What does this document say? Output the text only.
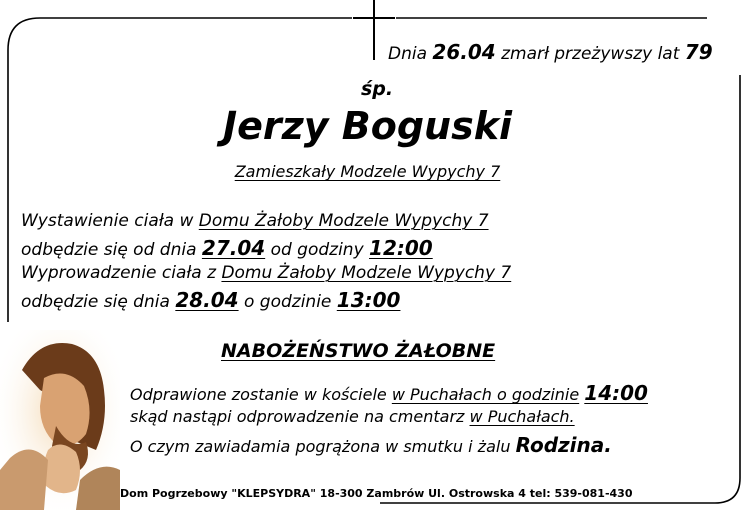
Dnia 26.04 zmarł przeżywszy lat 79
śp.
Jerzy Boguski
Zamieszkały Modzele Wypychy 7
Wystawienie ciała w Domu Żałoby Modzele Wypychy 7
odbędzie się od dnia 27.04 od godziny 12:00
Wyprowadzenie ciała z Domu Żałoby Modzele Wypychy 7
odbędzie się dnia 28.04 o godzinie 13:00
NABOŻEŃSTWO ŻAŁOBNE
Odprawione zostanie w kościele w Puchałach o godzinie 14:00
skąd nastąpi odprowadzenie na cmentarz w Puchałach.
O czym zawiadamia pogrążona w smutku i żalu Rodzina.
Dom Pogrzebowy "KLEPSYDRA" 18-300 Zambrów Ul. Ostrowska 4 tel: 539-081-430
